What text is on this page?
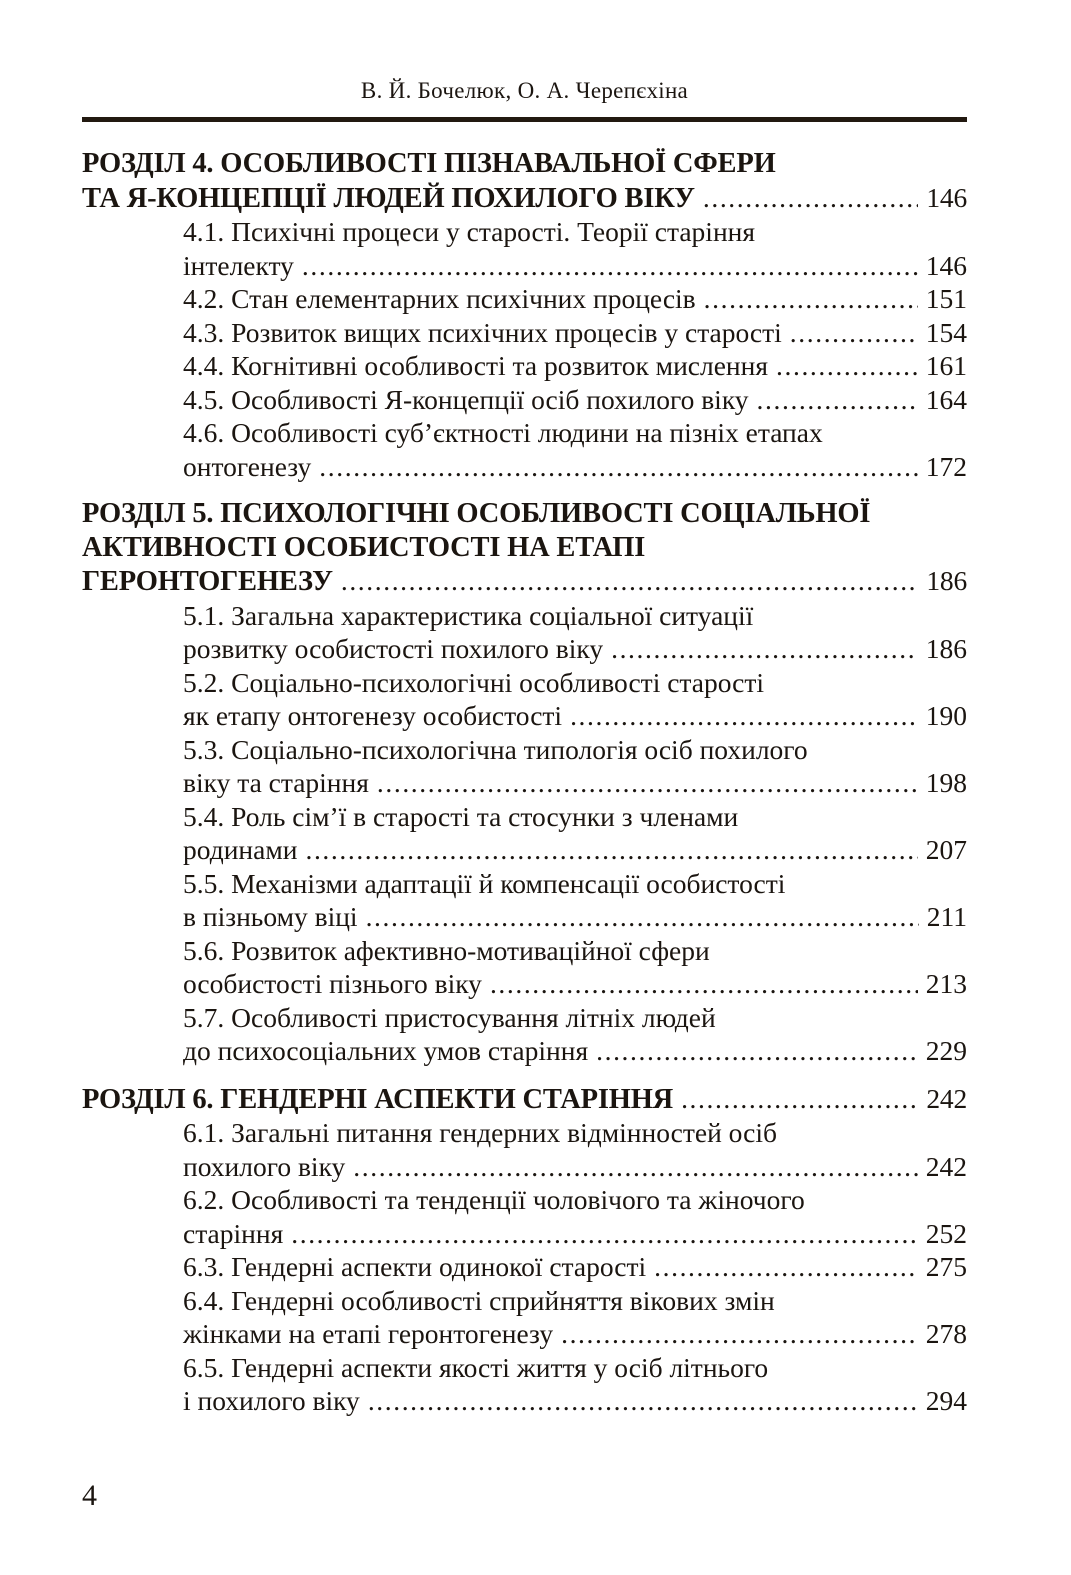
В. Й. Бочелюк, О. А. Черепєхіна
РОЗДІЛ 4. ОСОБЛИВОСТІ ПІЗНАВАЛЬНОЇ СФЕРИ
ТА Я-КОНЦЕПЦІЇ ЛЮДЕЙ ПОХИЛОГО ВІКУ .....	146
4.1. Психічні процеси у старості. Теорії старіння
інтелекту .....	146
4.2. Стан елементарних психічних процесів .....	151
4.3. Розвиток вищих психічних процесів у старості .....	154
4.4. Когнітивні особливості та розвиток мислення .....	161
4.5. Особливості Я-концепції осіб похилого віку .....	164
4.6. Особливості суб’єктності людини на пізніх етапах
онтогенезу .....	172
РОЗДІЛ 5. ПСИХОЛОГІЧНІ ОСОБЛИВОСТІ СОЦІАЛЬНОЇ
АКТИВНОСТІ ОСОБИСТОСТІ НА ЕТАПІ
ГЕРОНТОГЕНЕЗУ .....	186
5.1. Загальна характеристика соціальної ситуації
розвитку особистості похилого віку .....	186
5.2. Соціально-психологічні особливості старості
як етапу онтогенезу особистості .....	190
5.3. Соціально-психологічна типологія осіб похилого
віку та старіння .....	198
5.4. Роль сім’ї в старості та стосунки з членами
родинами .....	207
5.5. Механізми адаптації й компенсації особистості
в пізньому віці .....	211
5.6. Розвиток афективно-мотиваційної сфери
особистості пізнього віку .....	213
5.7. Особливості пристосування літніх людей
до психосоціальних умов старіння .....	229
РОЗДІЛ 6. ГЕНДЕРНІ АСПЕКТИ СТАРІННЯ .....	242
6.1. Загальні питання гендерних відмінностей осіб
похилого віку .....	242
6.2. Особливості та тенденції чоловічого та жіночого
старіння .....	252
6.3. Гендерні аспекти одинокої старості .....	275
6.4. Гендерні особливості сприйняття вікових змін
жінками на етапі геронтогенезу .....	278
6.5. Гендерні аспекти якості життя у осіб літнього
і похилого віку .....	294
4
